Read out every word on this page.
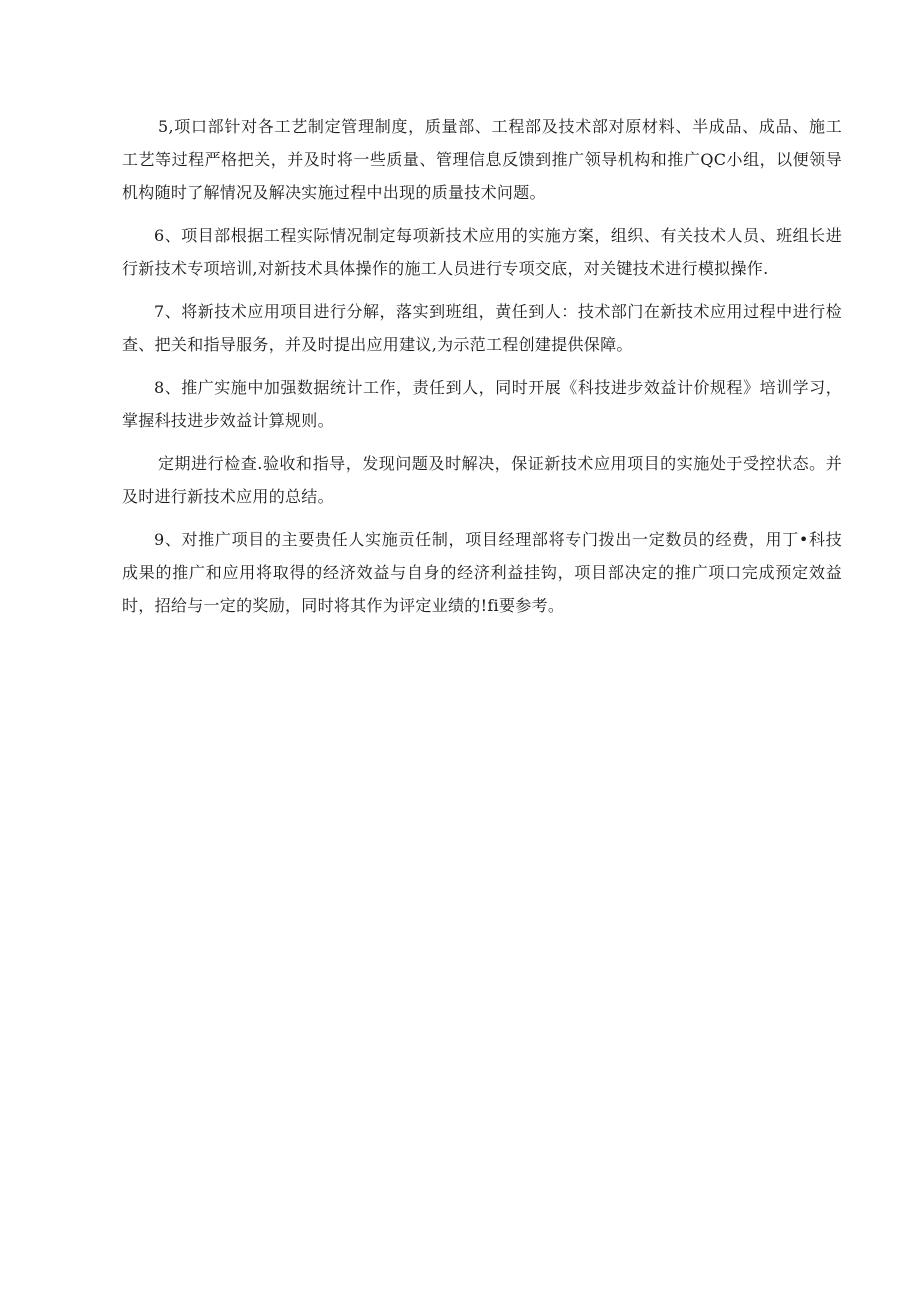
5,项口部针对各工艺制定管理制度，质量部、工程部及技术部对原材料、半成品、成品、施工工艺等过程严格把关，并及时将一些质量、管理信息反馈到推广领导机构和推广QC小组，以便领导机构随时了解情况及解决实施过程中出现的质量技术问题。

6、项目部根据工程实际情况制定每项新技术应用的实施方案，组织、有关技术人员、班组长进行新技术专项培训,对新技术具体操作的施工人员进行专项交底，对关键技术进行模拟操作.

7、将新技术应用项目进行分解，落实到班组，黄任到人：技术部门在新技术应用过程中进行检查、把关和指导服务，并及时提出应用建议,为示范工程创建提供保障。

8、推广实施中加强数据统计工作，责任到人，同时开展《科技进步效益计价规程》培训学习，掌握科技进步效益计算规则。

定期进行检查.验收和指导，发现问题及时解决，保证新技术应用项目的实施处于受控状态。并及时进行新技术应用的总结。

9、对推广项目的主要贵任人实施贡任制，项目经理部将专门拨出一定数员的经费，用丁•科技成果的推广和应用将取得的经济效益与自身的经济利益挂钩，项目部决定的推广项口完成预定效益时，招给与一定的奖励，同时将其作为评定业绩的!fi要参考。
